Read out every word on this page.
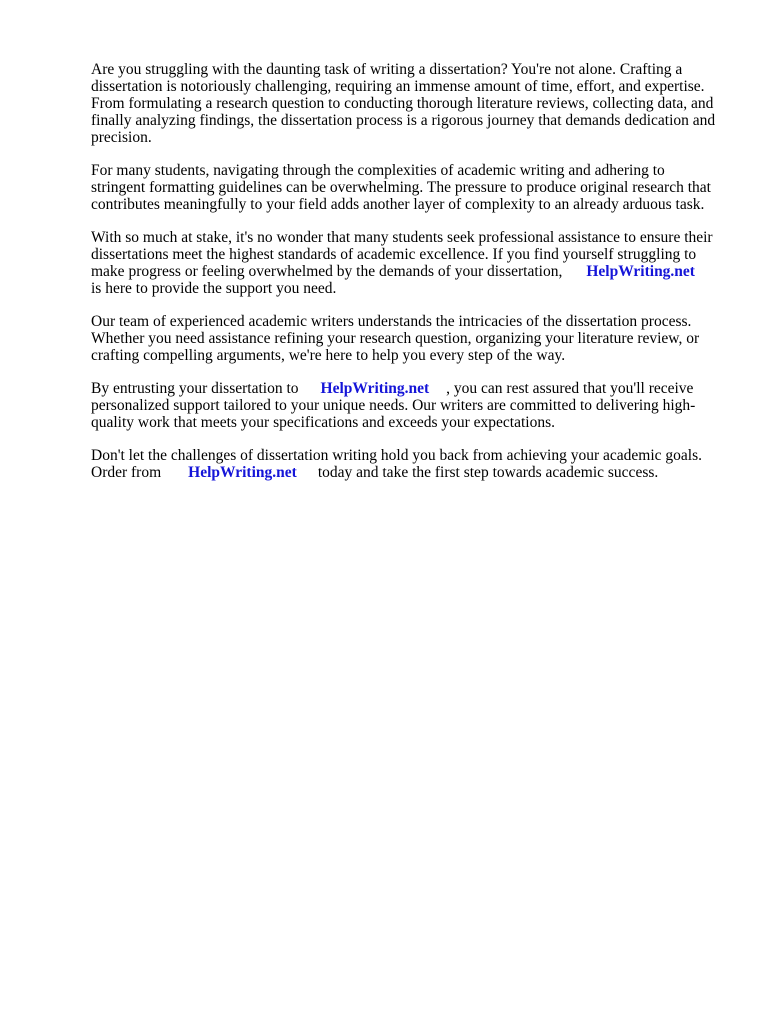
Are you struggling with the daunting task of writing a dissertation? You're not alone. Crafting a
dissertation is notoriously challenging, requiring an immense amount of time, effort, and expertise.
From formulating a research question to conducting thorough literature reviews, collecting data, and
finally analyzing findings, the dissertation process is a rigorous journey that demands dedication and
precision.
For many students, navigating through the complexities of academic writing and adhering to
stringent formatting guidelines can be overwhelming. The pressure to produce original research that
contributes meaningfully to your field adds another layer of complexity to an already arduous task.
With so much at stake, it's no wonder that many students seek professional assistance to ensure their
dissertations meet the highest standards of academic excellence. If you find yourself struggling to
make progress or feeling overwhelmed by the demands of your dissertation, HelpWriting.net
is here to provide the support you need.
Our team of experienced academic writers understands the intricacies of the dissertation process.
Whether you need assistance refining your research question, organizing your literature review, or
crafting compelling arguments, we're here to help you every step of the way.
By entrusting your dissertation to HelpWriting.net , you can rest assured that you'll receive
personalized support tailored to your unique needs. Our writers are committed to delivering high-
quality work that meets your specifications and exceeds your expectations.
Don't let the challenges of dissertation writing hold you back from achieving your academic goals.
Order from HelpWriting.net today and take the first step towards academic success.
